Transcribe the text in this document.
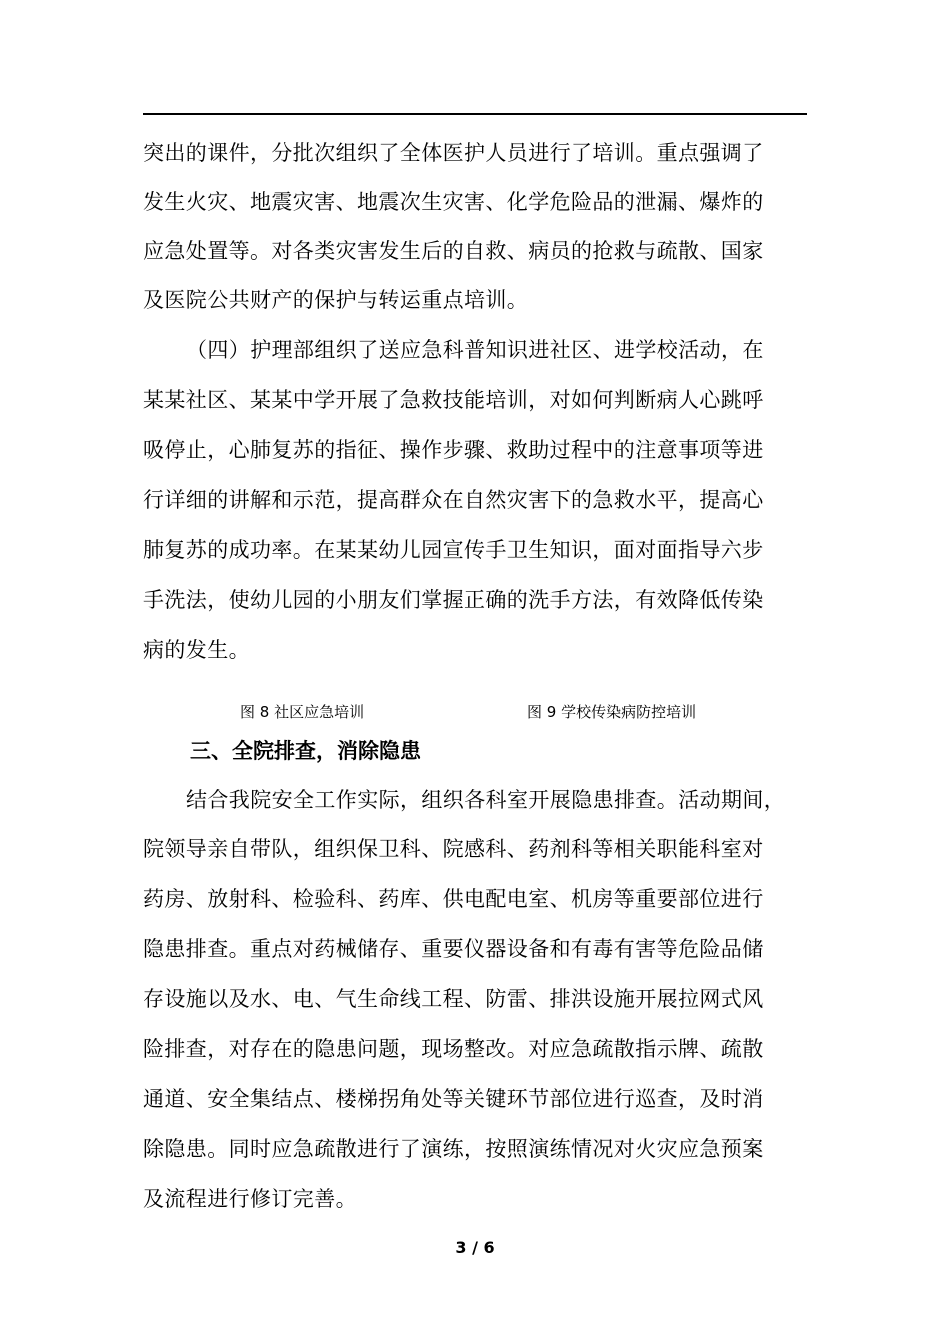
突出的课件，分批次组织了全体医护人员进行了培训。重点强调了
发生火灾、地震灾害、地震次生灾害、化学危险品的泄漏、爆炸的
应急处置等。对各类灾害发生后的自救、病员的抢救与疏散、国家
及医院公共财产的保护与转运重点培训。
（四）护理部组织了送应急科普知识进社区、进学校活动，在
某某社区、某某中学开展了急救技能培训，对如何判断病人心跳呼
吸停止，心肺复苏的指征、操作步骤、救助过程中的注意事项等进
行详细的讲解和示范，提高群众在自然灾害下的急救水平，提高心
肺复苏的成功率。在某某幼儿园宣传手卫生知识，面对面指导六步
手洗法，使幼儿园的小朋友们掌握正确的洗手方法，有效降低传染
病的发生。
图 8 社区应急培训	图 9 学校传染病防控培训
三、全院排查，消除隐患
结合我院安全工作实际，组织各科室开展隐患排查。活动期间，
院领导亲自带队，组织保卫科、院感科、药剂科等相关职能科室对
药房、放射科、检验科、药库、供电配电室、机房等重要部位进行
隐患排查。重点对药械储存、重要仪器设备和有毒有害等危险品储
存设施以及水、电、气生命线工程、防雷、排洪设施开展拉网式风
险排查，对存在的隐患问题，现场整改。对应急疏散指示牌、疏散
通道、安全集结点、楼梯拐角处等关键环节部位进行巡查，及时消
除隐患。同时应急疏散进行了演练，按照演练情况对火灾应急预案
及流程进行修订完善。
3 / 6
